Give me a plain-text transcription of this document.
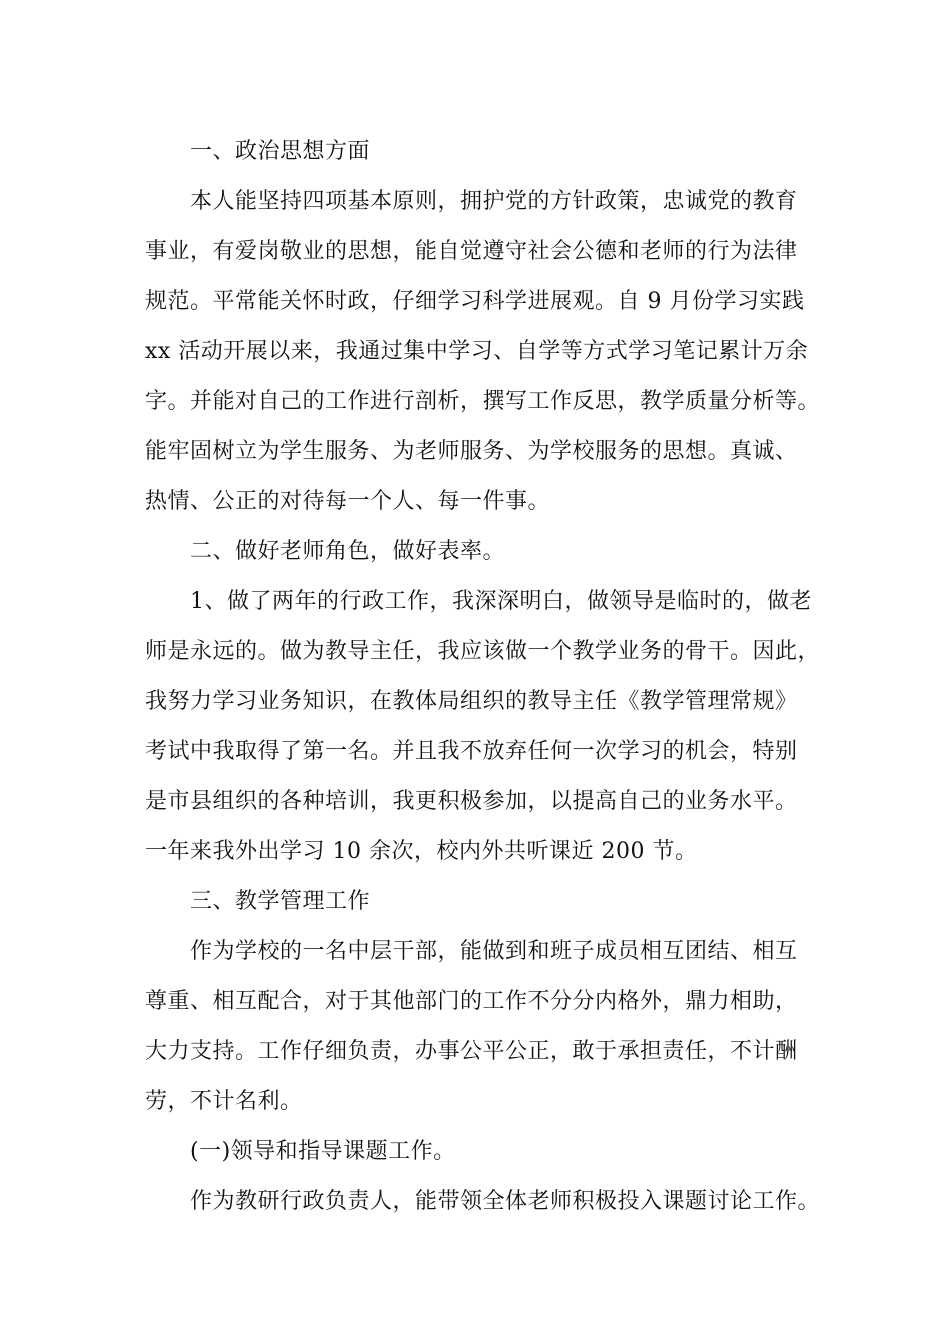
一、政治思想方面
本人能坚持四项基本原则，拥护党的方针政策，忠诚党的教育
事业，有爱岗敬业的思想，能自觉遵守社会公德和老师的行为法律
规范。平常能关怀时政，仔细学习科学进展观。自 9 月份学习实践
xx 活动开展以来，我通过集中学习、自学等方式学习笔记累计万余
字。并能对自己的工作进行剖析，撰写工作反思，教学质量分析等。
能牢固树立为学生服务、为老师服务、为学校服务的思想。真诚、
热情、公正的对待每一个人、每一件事。
二、做好老师角色，做好表率。
1、做了两年的行政工作，我深深明白，做领导是临时的，做老
师是永远的。做为教导主任，我应该做一个教学业务的骨干。因此，
我努力学习业务知识，在教体局组织的教导主任《教学管理常规》
考试中我取得了第一名。并且我不放弃任何一次学习的机会，特别
是市县组织的各种培训，我更积极参加，以提高自己的业务水平。
一年来我外出学习 10 余次，校内外共听课近 200 节。
三、教学管理工作
作为学校的一名中层干部，能做到和班子成员相互团结、相互
尊重、相互配合，对于其他部门的工作不分分内格外，鼎力相助，
大力支持。工作仔细负责，办事公平公正，敢于承担责任，不计酬
劳，不计名利。
(一)领导和指导课题工作。
作为教研行政负责人，能带领全体老师积极投入课题讨论工作。
